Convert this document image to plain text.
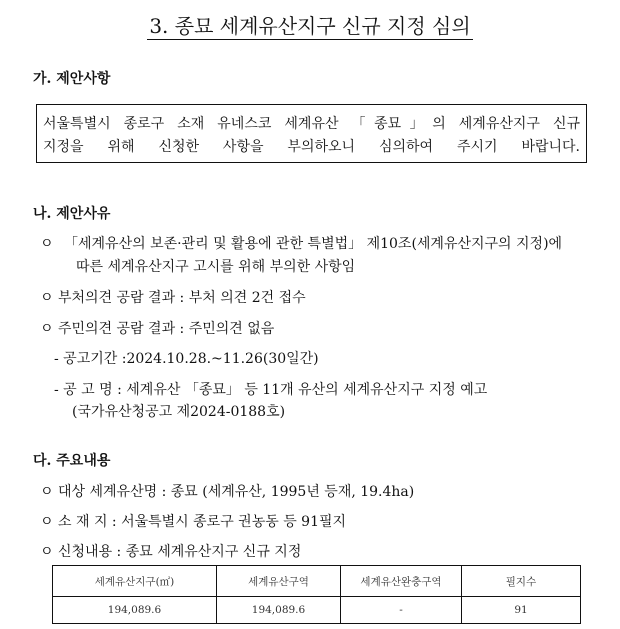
3. 종묘 세계유산지구 신규 지정 심의
가. 제안사항
서울특별시 종로구 소재 유네스코 세계유산 「종묘」의 세계유산지구 신규
지정을 위해 신청한 사항을 부의하오니 심의하여 주시기 바랍니다.
나. 제안사유
ㅇ 「세계유산의 보존·관리 및 활용에 관한 특별법」 제10조(세계유산지구의 지정)에
따른 세계유산지구 고시를 위해 부의한 사항임
ㅇ 부처의견 공람 결과 : 부처 의견 2건 접수
ㅇ 주민의견 공람 결과 : 주민의견 없음
- 공고기간 :2024.10.28.~11.26(30일간)
- 공 고 명 : 세계유산 「종묘」 등 11개 유산의 세계유산지구 지정 예고
(국가유산청공고 제2024-0188호)
다. 주요내용
ㅇ 대상 세계유산명 : 종묘 (세계유산, 1995년 등재, 19.4ha)
ㅇ 소 재 지 : 서울특별시 종로구 권농동 등 91필지
ㅇ 신청내용 : 종묘 세계유산지구 신규 지정
세계유산지구(㎡)	세계유산구역	세계유산완충구역	필지수
194,089.6	194,089.6	-	91
